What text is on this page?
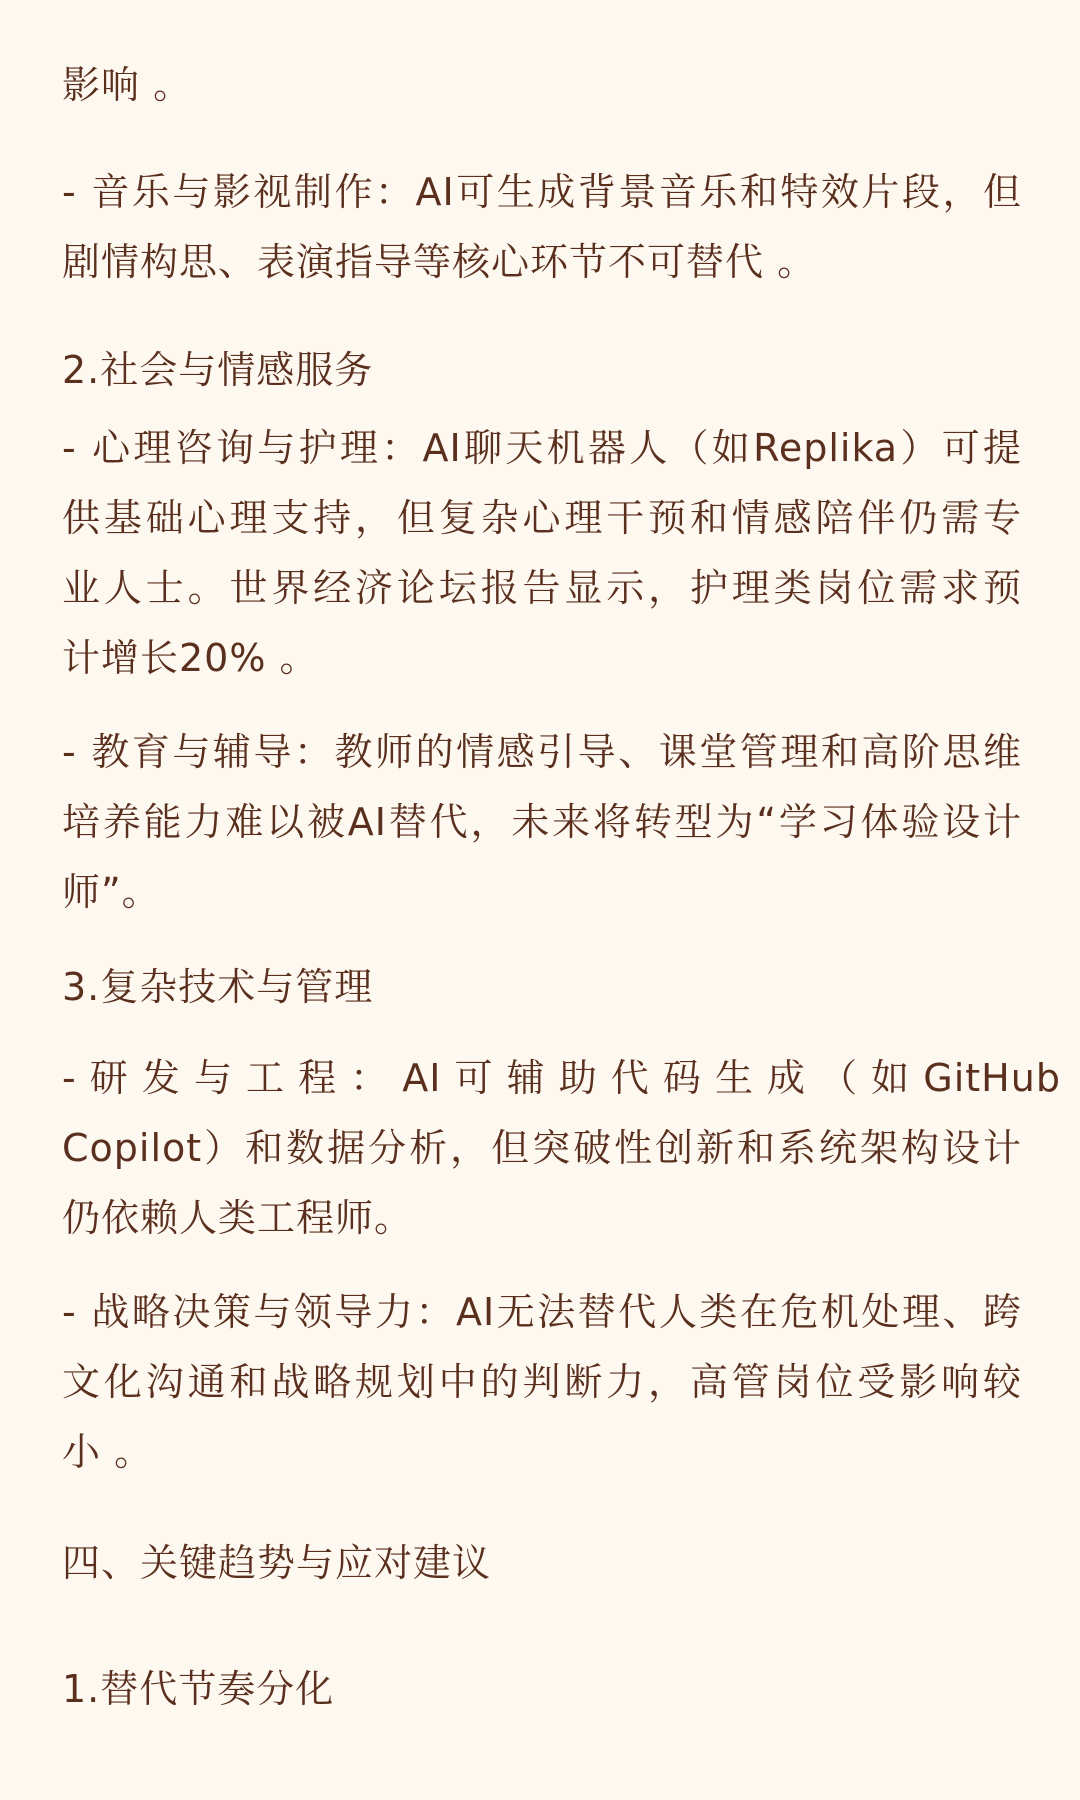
影响 。
- 音乐与影视制作：AI可生成背景音乐和特效片段，但
剧情构思、表演指导等核心环节不可替代 。
2.社会与情感服务
- 心理咨询与护理：AI聊天机器人（如Replika）可提
供基础心理支持，但复杂心理干预和情感陪伴仍需专
业人士。世界经济论坛报告显示，护理类岗位需求预
计增长20% 。
- 教育与辅导：教师的情感引导、课堂管理和高阶思维
培养能力难以被AI替代，未来将转型为“学习体验设计
师”。
3.复杂技术与管理
- 研 发 与 工 程 ： AI 可 辅 助 代 码 生 成 （ 如 GitHub
Copilot）和数据分析，但突破性创新和系统架构设计
仍依赖人类工程师。
- 战略决策与领导力：AI无法替代人类在危机处理、跨
文化沟通和战略规划中的判断力，高管岗位受影响较
小 。
四、关键趋势与应对建议
1.替代节奏分化
